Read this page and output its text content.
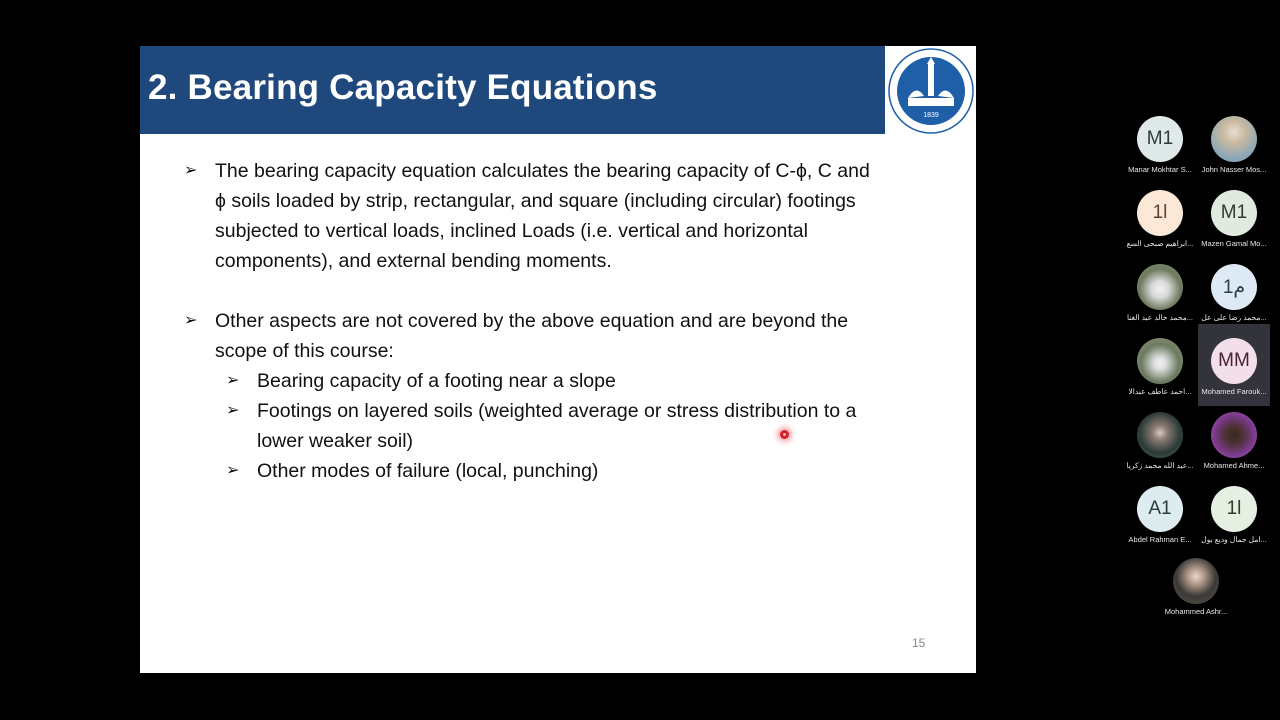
2. Bearing Capacity Equations
1839
➢ The bearing capacity equation calculates the bearing capacity of C-ϕ, C and
ϕ soils loaded by strip, rectangular, and square (including circular) footings
subjected to vertical loads, inclined Loads (i.e. vertical and horizontal
components), and external bending moments.
➢ Other aspects are not covered by the above equation and are beyond the
scope of this course:
➢ Bearing capacity of a footing near a slope
➢ Footings on layered soils (weighted average or stress distribution to a
lower weaker soil)
➢ Other modes of failure (local, punching)
15
M1
Manar Mokhtar S...	John Nasser Mos...
1l
ابراهيم صبحى السع...
M1
Mazen Gamal Mo...
محمد خالد عبد الغنا...
م1
محمد رضا على عل...
احمد عاطف عبدالا...
MM
Mohamed Farouk...
عبد الله محمد زكريا...	Mohamed Ahme...
A1
Abdel Rahman E...
1l
امل جمال وديع بول...
Mohammed Ashr...
